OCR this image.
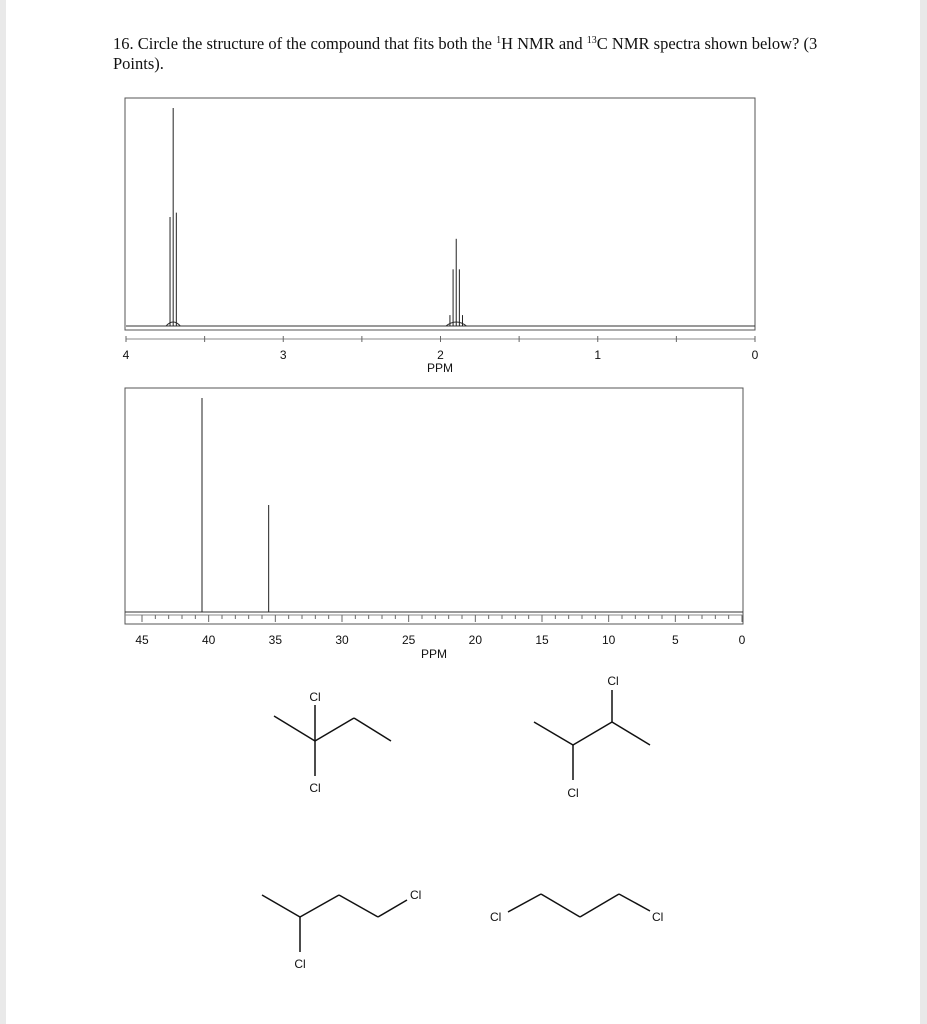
16. Circle the structure of the compound that fits both the $^1$H NMR and $^{13}$C NMR spectra shown below? (3 Points).
4	3	2	1	0
PPM
45	40	35	30	25	20	15	10	5	0
PPM
Cl
Cl
Cl
Cl
Cl
Cl
Cl	Cl
